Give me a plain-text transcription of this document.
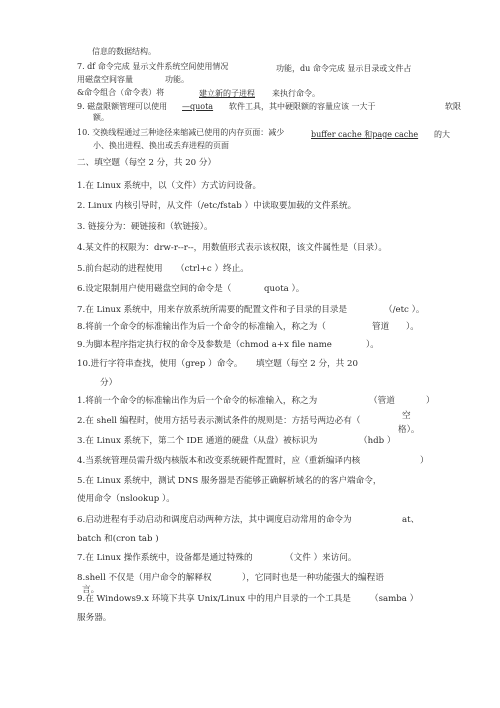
信息的数据结构。
7. df 命令完成 显示文件系统空间使用情况	功能，du 命令完成 显示目录或文件占
用磁盘空间容量	功能。
&命令组合（命令表）将	建立新的子进程 来执行命令。
9. 磁盘限额管理可以使用 —quota 软件工具，其中硬限额的容量应该 一大于	软限
额。
10. 交换线程通过三种途径来缩减已使用的内存页面：减少	buffer cache 和page cache 的大
小、换出进程、换出或丢弃进程的页面
二、填空题（每空 2 分，共 20 分）
1.在 Linux 系统中，以（文件）方式访问设备。
2. Linux 内核引导时，从文件（/etc/fstab ）中读取要加载的文件系统。
3. 链接分为：硬链接和（软链接）。
4.某文件的权限为：drw-r--r--，用数值形式表示该权限，该文件属性是（目录）。
5.前台起动的进程使用 （ctrl+c ）终止。
6.设定限制用户使用磁盘空间的命令是（	quota ）。
7.在 Linux 系统中，用来存放系统所需要的配置文件和子目录的目录是	（/etc ）。
8.将前一个命令的标准输出作为后一个命令的标准输入，称之为（	管道 ）。
9.为脚本程序指定执行权的命令及参数是（chmod a+x file name	）。
10.进行字符串查找，使用（grep ）命令。 填空题（每空 2 分，共 20
分）
1.将前一个命令的标准输出作为后一个命令的标准输入，称之为	（管道	）
2.在 shell 编程时，使用方括号表示测试条件的规则是：方括号两边必有（	空
格）。
3.在 Linux 系统下，第二个 IDE 通道的硬盘（从盘）被标识为	（hdb ）
4.当系统管理员需升级内核版本和改变系统硬件配置时，应（重新编译内核	）
5.在 Linux 系统中，测试 DNS 服务器是否能够正确解析域名的的客户端命令，
使用命令（nslookup ）。
6.启动进程有手动启动和调度启动两种方法，其中调度启动常用的命令为	at、
batch 和(cron tab )
7.在 Linux 操作系统中，设备都是通过特殊的	（文件 ）来访问。
8.shell 不仅是（用户命令的解释权	），它同时也是一种功能强大的编程语
言。
9.在 Windows9.x 环境下共享 Unix/Linux 中的用户目录的一个工具是 （samba ）
服务器。
